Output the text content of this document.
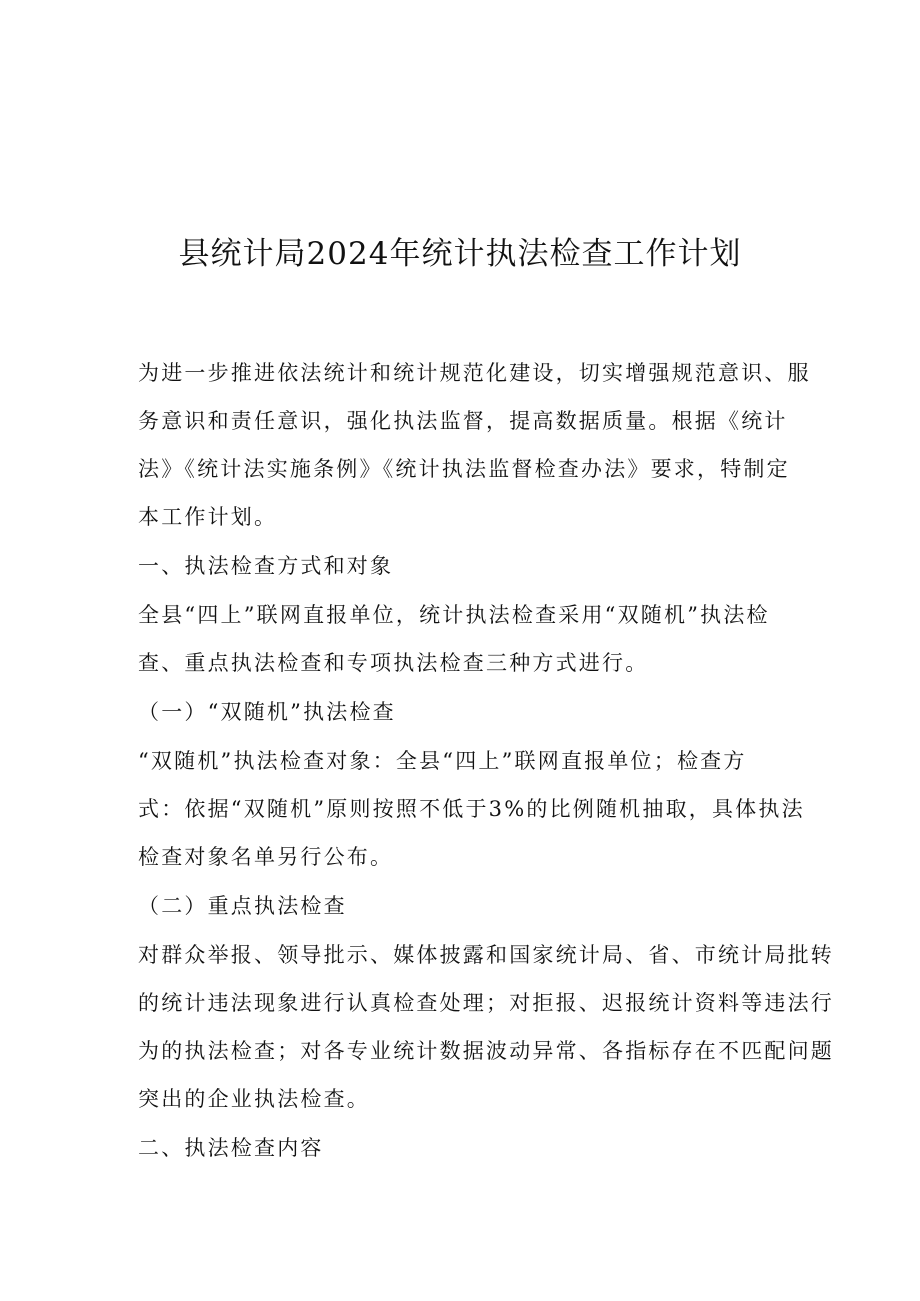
县统计局2024年统计执法检查工作计划
为进一步推进依法统计和统计规范化建设，切实增强规范意识、服
务意识和责任意识，强化执法监督，提高数据质量。根据《统计
法》《统计法实施条例》《统计执法监督检查办法》要求，特制定
本工作计划。
一、执法检查方式和对象
全县“四上”联网直报单位，统计执法检查采用“双随机”执法检
查、重点执法检查和专项执法检查三种方式进行。
（一）“双随机”执法检查
“双随机”执法检查对象：全县“四上”联网直报单位；检查方
式：依据“双随机”原则按照不低于3%的比例随机抽取，具体执法
检查对象名单另行公布。
（二）重点执法检查
对群众举报、领导批示、媒体披露和国家统计局、省、市统计局批转
的统计违法现象进行认真检查处理；对拒报、迟报统计资料等违法行
为的执法检查；对各专业统计数据波动异常、各指标存在不匹配问题
突出的企业执法检查。
二、执法检查内容
